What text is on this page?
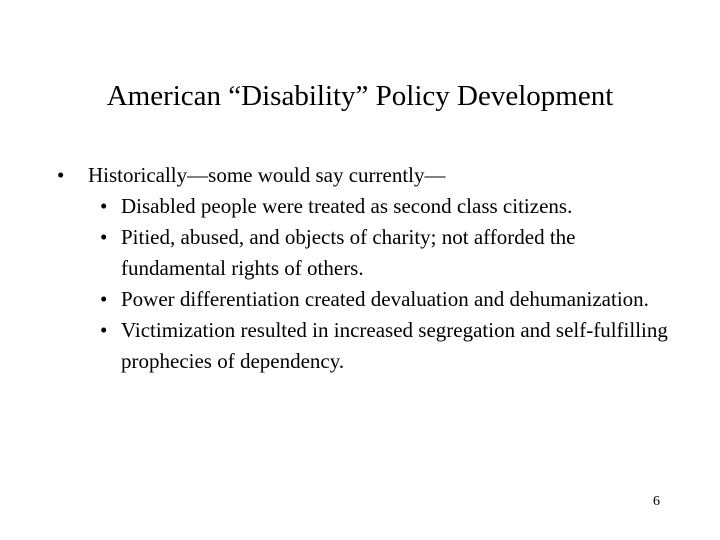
American “Disability” Policy Development
• Historically—some would say currently—
• Disabled people were treated as second class citizens.
• Pitied, abused, and objects of charity; not afforded the fundamental rights of others.
• Power differentiation created devaluation and dehumanization.
• Victimization resulted in increased segregation and self-fulfilling prophecies of dependency.
6
